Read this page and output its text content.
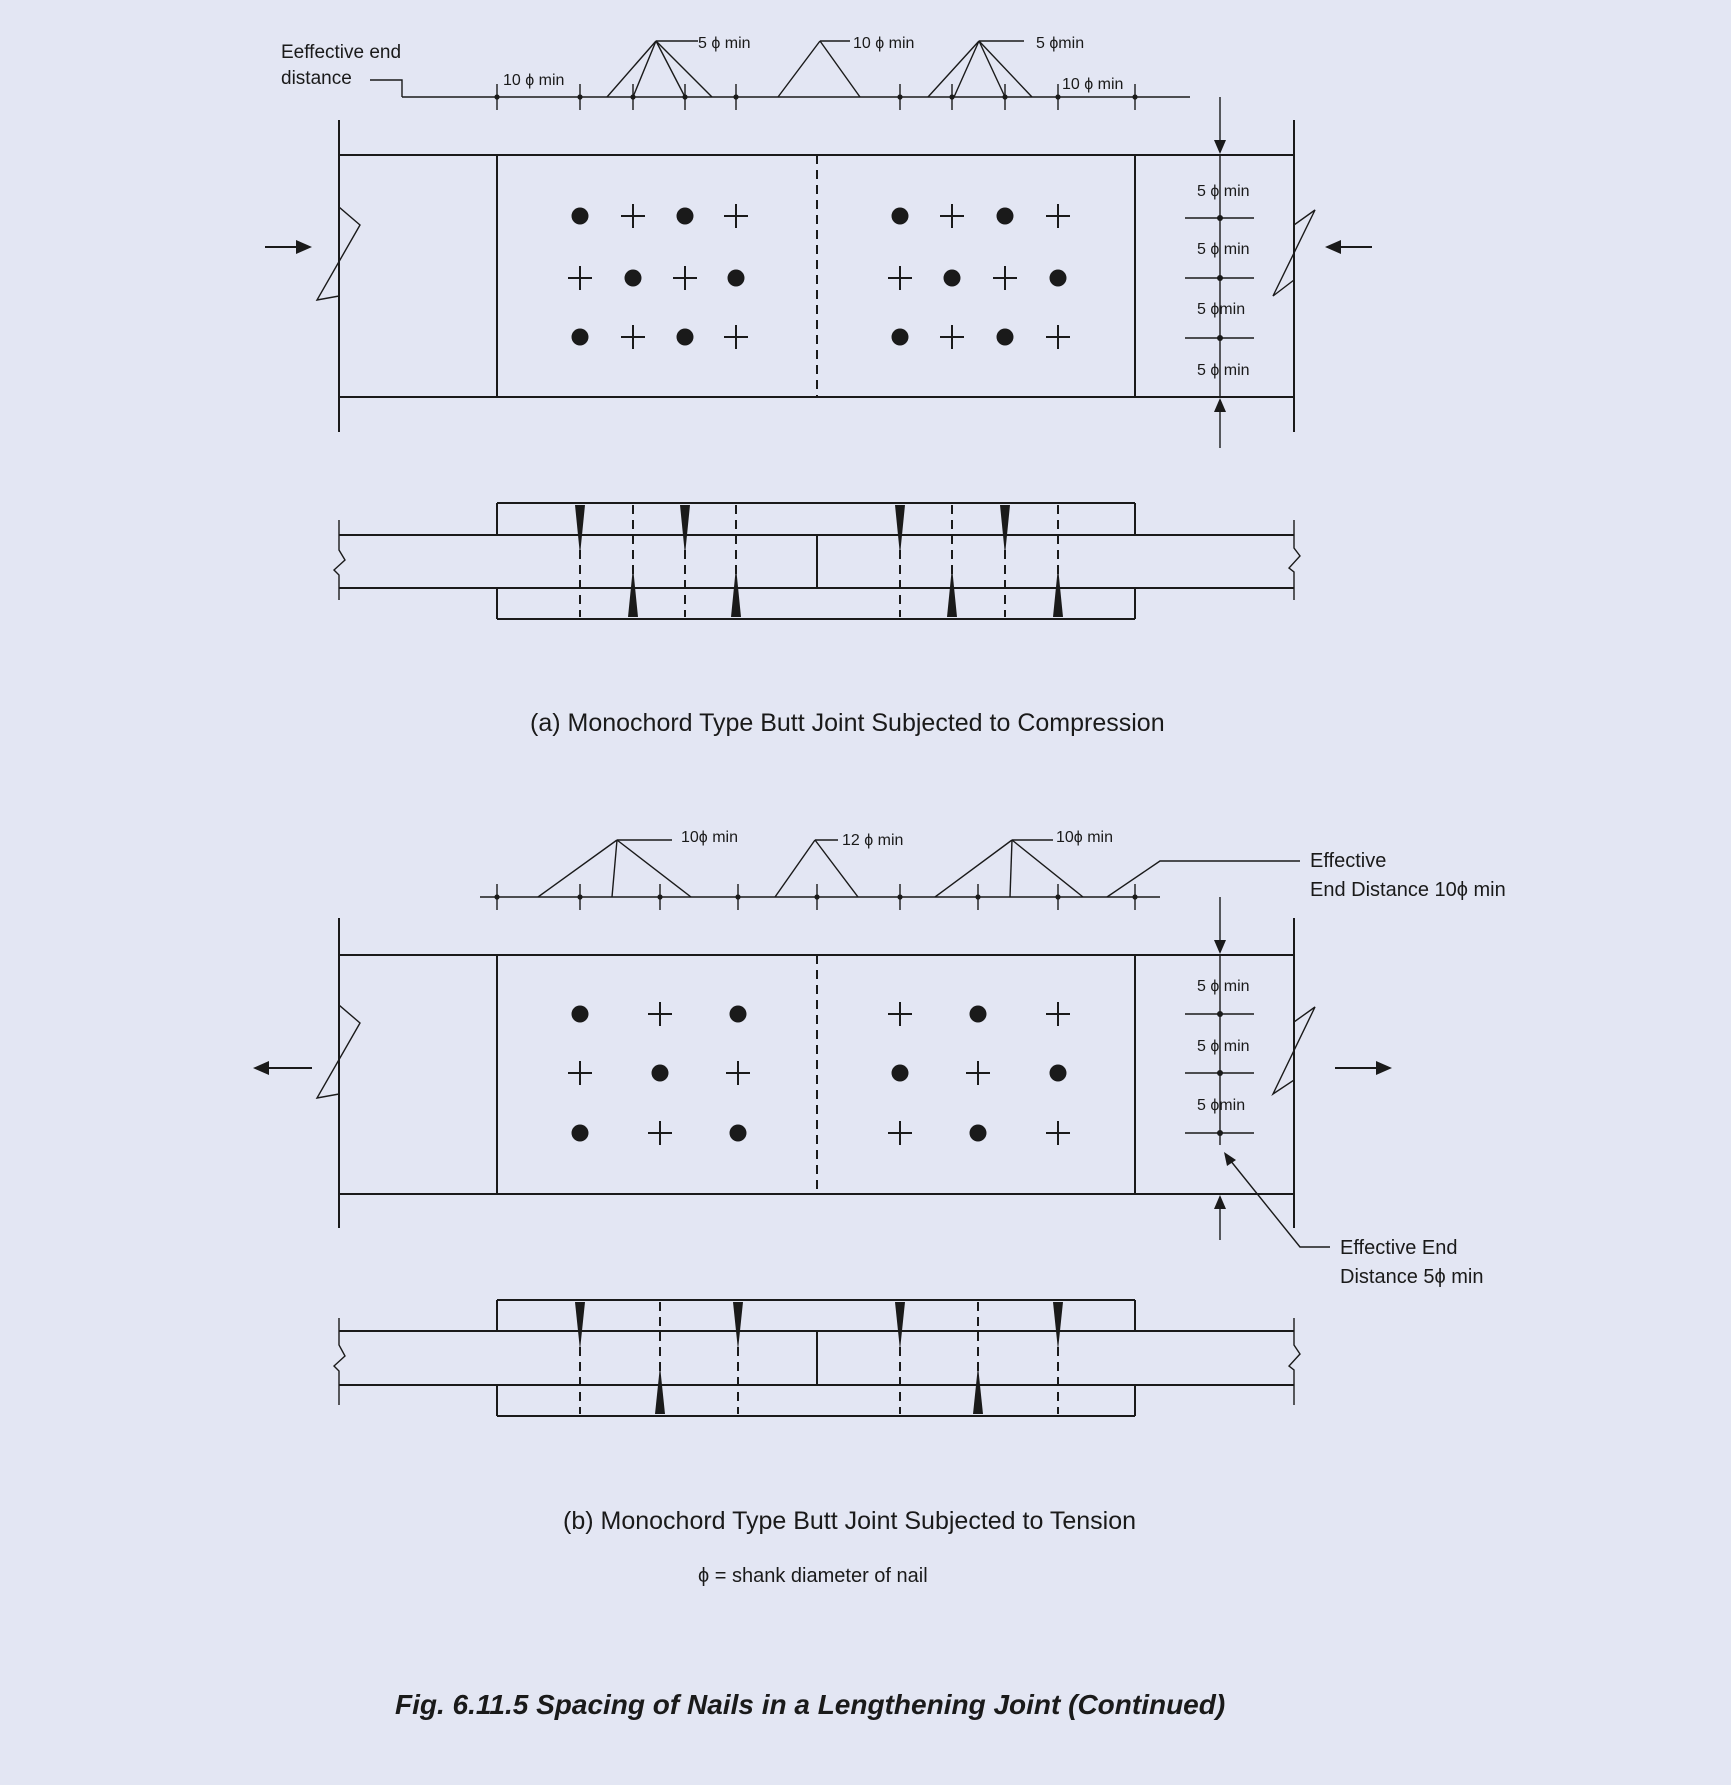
Eeffective end
distance	10 ϕ min
5 ϕ min	10 ϕ min	5 ϕmin
10 ϕ min
5 ϕ min
5 ϕ min
5 ϕmin
5 ϕ min
(a) Monochord Type Butt Joint Subjected to Compression
10ϕ min	12 ϕ min	10ϕ min
Effective
End Distance 10ϕ min
5 ϕ min
5 ϕ min
5 ϕmin
Effective End
Distance 5ϕ min
(b) Monochord Type Butt Joint Subjected to Tension
ϕ = shank diameter of nail
Fig. 6.11.5 Spacing of Nails in a Lengthening Joint (Continued)
